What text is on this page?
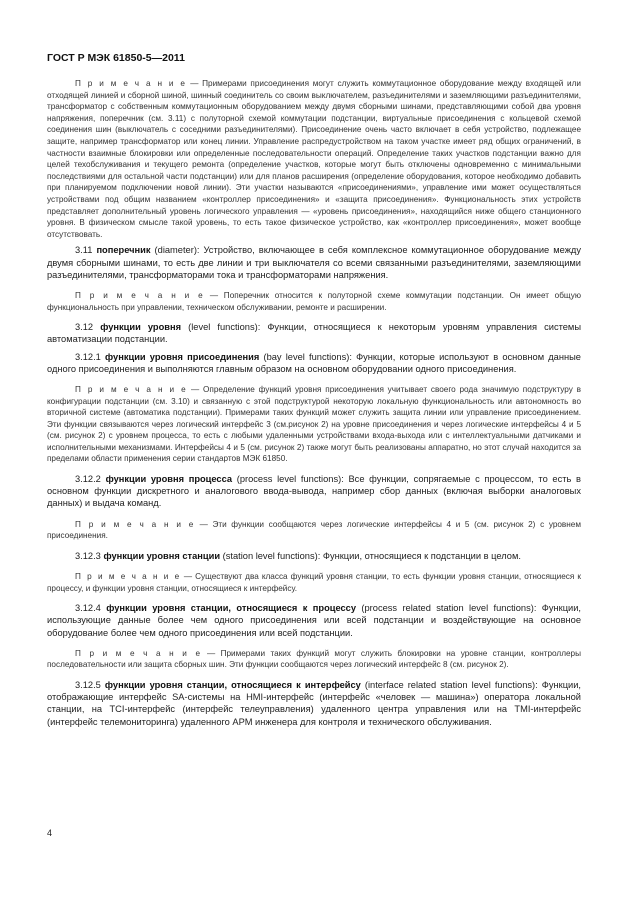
ГОСТ Р МЭК 61850-5—2011

П р и м е ч а н и е — Примерами присоединения могут служить коммутационное оборудование между входящей или отходящей линией и сборной шиной, шинный соединитель со своим выключателем, разъединителями и заземляющими разъединителями, трансформатор с собственным коммутационным оборудованием между двумя сборными шинами, представляющими собой два уровня напряжения, поперечник (см. 3.11) с полуторной схемой коммутации подстанции, виртуальные присоединения с кольцевой схемой соединения шин (выключатель с соседними разъединителями). Присоединение очень часто включает в себя устройство, подлежащее защите, например трансформатор или конец линии. Управление распредустройством на таком участке имеет ряд общих ограничений, в частности взаимные блокировки или определенные последовательности операций. Определение таких участков подстанции важно для целей техобслуживания и текущего ремонта (определение участков, которые могут быть отключены одновременно с минимальными последствиями для остальной части подстанции) или для планов расширения (определение оборудования, которое необходимо добавить при планируемом подключении новой линии). Эти участки называются «присоединениями», управление ими может осуществляться устройствами под общим названием «контроллер присоединения» и «защита присоединения». Функциональность этих устройств представляет дополнительный уровень логического управления — «уровень присоединения», находящийся ниже общего станционного уровня. В физическом смысле такой уровень, то есть такое физическое устройство, как «контроллер присоединения», может вообще отсутствовать.

3.11 поперечник (diameter): Устройство, включающее в себя комплексное коммутационное оборудование между двумя сборными шинами, то есть две линии и три выключателя со всеми связанными разъединителями, заземляющими разъединителями, трансформаторами тока и трансформаторами напряжения.

П р и м е ч а н и е — Поперечник относится к полуторной схеме коммутации подстанции. Он имеет общую функциональность при управлении, техническом обслуживании, ремонте и расширении.

3.12 функции уровня (level functions): Функции, относящиеся к некоторым уровням управления системы автоматизации подстанции.

3.12.1 функции уровня присоединения (bay level functions): Функции, которые используют в основном данные одного присоединения и выполняются главным образом на основном оборудовании одного присоединения.

П р и м е ч а н и е — Определение функций уровня присоединения учитывает своего рода значимую подструктуру в конфигурации подстанции (см. 3.10) и связанную с этой подструктурой некоторую локальную функциональность или автономность во вторичной системе (автоматика подстанции). Примерами таких функций может служить защита линии или управление присоединением. Эти функции связываются через логический интерфейс 3 (см.рисунок 2) на уровне присоединения и через логические интерфейсы 4 и 5 (см. рисунок 2) с уровнем процесса, то есть с любыми удаленными устройствами входа-выхода или с интеллектуальными датчиками и исполнительными механизмами. Интерфейсы 4 и 5 (см. рисунок 2) также могут быть реализованы аппаратно, но этот случай находится за пределами области применения серии стандартов МЭК 61850.

3.12.2 функции уровня процесса (process level functions): Все функции, сопрягаемые с процессом, то есть в основном функции дискретного и аналогового ввода-вывода, например сбор данных (включая выборки аналоговых данных) и выдача команд.

П р и м е ч а н и е — Эти функции сообщаются через логические интерфейсы 4 и 5 (см. рисунок 2) с уровнем присоединения.

3.12.3 функции уровня станции (station level functions): Функции, относящиеся к подстанции в целом.

П р и м е ч а н и е — Существуют два класса функций уровня станции, то есть функции уровня станции, относящиеся к процессу, и функции уровня станции, относящиеся к интерфейсу.

3.12.4 функции уровня станции, относящиеся к процессу (process related station level functions): Функции, использующие данные более чем одного присоединения или всей подстанции и воздействующие на основное оборудование более чем одного присоединения или всей подстанции.

П р и м е ч а н и е — Примерами таких функций могут служить блокировки на уровне станции, контроллеры последовательности или защита сборных шин. Эти функции сообщаются через логический интерфейс 8 (см. рисунок 2).

3.12.5 функции уровня станции, относящиеся к интерфейсу (interface related station level functions): Функции, отображающие интерфейс SA-системы на HMI-интерфейс (интерфейс «человек — машина») оператора локальной станции, на TCI-интерфейс (интерфейс телеуправления) удаленного центра управления или на TMI-интерфейс (интерфейс телемониторинга) удаленного АРМ инженера для контроля и технического обслуживания.

4
